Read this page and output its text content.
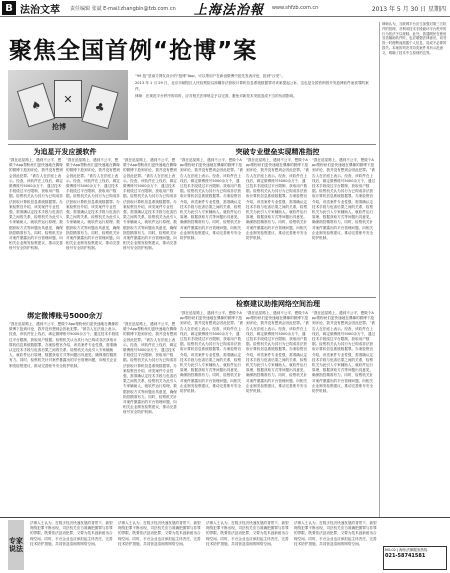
B 法治文萃 责任编辑 张斌 E-mail:zhangbin@fzb.com.cn 上海法治報 www.shfzb.com.cn	2013 年 5 月 30 日 星期四
聚焦全国首例“抢博”案
♠	✕
♣
抢博

“99 抢”是南方网友设计的“抢博”App，可以帮用户在新浪微博中抢先发表评论，抢到“沙发”。

2013 年 1 月 29 日，北京市朝阳区人民检察院以涉嫌非法获取计算机信息系统数据罪对该案提起公诉，这也是全国首例因开发抢博软件而获罪的案件。

律师：在规范平台秩序的同时，应对相关法律规定予以完善，避免对新技术发展造成不当的负面影响。

律师认为，互联网平台应当加强对第三方软件的管理，对利用技术手段破坏平台秩序的行为依法予以规制。此外，普通网民在使用各类辅助软件时，也应增强法律意识，切勿因一时便利而泄露个人信息，造成不必要的损失。本案的判决对同类案件具有示范意义，明确了技术中立原则的边界。
为追星开发应援软件	突破专业壁垒实现精准指控
“我在追星路上，遇到不公平，想做个App帮粉丝们更快速地在偶像的微博下抢到评论，我并没有想到会因此犯罪。”被告人在法庭上表示。经查，该软件在上线后，绑定微博账号5000余万个，通过技术手段绕过平台限制，获取用户数据。检察机关认为其行为已构成非法获取计算机信息系统数据罪。办案检察官介绍，该类案件专业性强，需准确认定技术手段与危害后果之间的关系，检察机关为此引入专家辅助人，就软件运行原理、数据获取方式等问题出具意见，确保指控精准有力。同时，检察机关针对案件暴露出的平台管理问题，向相关企业制发检察建议，推动完善账号安全防护机制。
“我在追星路上，遇到不公平，想做个App帮粉丝们更快速地在偶像的微博下抢到评论，我并没有想到会因此犯罪。”被告人在法庭上表示。经查，该软件在上线后，绑定微博账号5000余万个，通过技术手段绕过平台限制，获取用户数据。检察机关认为其行为已构成非法获取计算机信息系统数据罪。办案检察官介绍，该类案件专业性强，需准确认定技术手段与危害后果之间的关系，检察机关为此引入专家辅助人，就软件运行原理、数据获取方式等问题出具意见，确保指控精准有力。同时，检察机关针对案件暴露出的平台管理问题，向相关企业制发检察建议，推动完善账号安全防护机制。
“我在追星路上，遇到不公平，想做个App帮粉丝们更快速地在偶像的微博下抢到评论，我并没有想到会因此犯罪。”被告人在法庭上表示。经查，该软件在上线后，绑定微博账号5000余万个，通过技术手段绕过平台限制，获取用户数据。检察机关认为其行为已构成非法获取计算机信息系统数据罪。办案检察官介绍，该类案件专业性强，需准确认定技术手段与危害后果之间的关系，检察机关为此引入专家辅助人，就软件运行原理、数据获取方式等问题出具意见，确保指控精准有力。同时，检察机关针对案件暴露出的平台管理问题，向相关企业制发检察建议，推动完善账号安全防护机制。
“我在追星路上，遇到不公平，想做个App帮粉丝们更快速地在偶像的微博下抢到评论，我并没有想到会因此犯罪。”被告人在法庭上表示。经查，该软件在上线后，绑定微博账号5000余万个，通过技术手段绕过平台限制，获取用户数据。检察机关认为其行为已构成非法获取计算机信息系统数据罪。办案检察官介绍，该类案件专业性强，需准确认定技术手段与危害后果之间的关系，检察机关为此引入专家辅助人，就软件运行原理、数据获取方式等问题出具意见，确保指控精准有力。同时，检察机关针对案件暴露出的平台管理问题，向相关企业制发检察建议，推动完善账号安全防护机制。
“我在追星路上，遇到不公平，想做个App帮粉丝们更快速地在偶像的微博下抢到评论，我并没有想到会因此犯罪。”被告人在法庭上表示。经查，该软件在上线后，绑定微博账号5000余万个，通过技术手段绕过平台限制，获取用户数据。检察机关认为其行为已构成非法获取计算机信息系统数据罪。办案检察官介绍，该类案件专业性强，需准确认定技术手段与危害后果之间的关系，检察机关为此引入专家辅助人，就软件运行原理、数据获取方式等问题出具意见，确保指控精准有力。同时，检察机关针对案件暴露出的平台管理问题，向相关企业制发检察建议，推动完善账号安全防护机制。
“我在追星路上，遇到不公平，想做个App帮粉丝们更快速地在偶像的微博下抢到评论，我并没有想到会因此犯罪。”被告人在法庭上表示。经查，该软件在上线后，绑定微博账号5000余万个，通过技术手段绕过平台限制，获取用户数据。检察机关认为其行为已构成非法获取计算机信息系统数据罪。办案检察官介绍，该类案件专业性强，需准确认定技术手段与危害后果之间的关系，检察机关为此引入专家辅助人，就软件运行原理、数据获取方式等问题出具意见，确保指控精准有力。同时，检察机关针对案件暴露出的平台管理问题，向相关企业制发检察建议，推动完善账号安全防护机制。
绑定微博账号5000余万
“我在追星路上，遇到不公平，想做个App帮粉丝们更快速地在偶像的微博下抢到评论，我并没有想到会因此犯罪。”被告人在法庭上表示。经查，该软件在上线后，绑定微博账号5000余万个，通过技术手段绕过平台限制，获取用户数据。检察机关认为其行为已构成非法获取计算机信息系统数据罪。办案检察官介绍，该类案件专业性强，需准确认定技术手段与危害后果之间的关系，检察机关为此引入专家辅助人，就软件运行原理、数据获取方式等问题出具意见，确保指控精准有力。同时，检察机关针对案件暴露出的平台管理问题，向相关企业制发检察建议，推动完善账号安全防护机制。
“我在追星路上，遇到不公平，想做个App帮粉丝们更快速地在偶像的微博下抢到评论，我并没有想到会因此犯罪。”被告人在法庭上表示。经查，该软件在上线后，绑定微博账号5000余万个，通过技术手段绕过平台限制，获取用户数据。检察机关认为其行为已构成非法获取计算机信息系统数据罪。办案检察官介绍，该类案件专业性强，需准确认定技术手段与危害后果之间的关系，检察机关为此引入专家辅助人，就软件运行原理、数据获取方式等问题出具意见，确保指控精准有力。同时，检察机关针对案件暴露出的平台管理问题，向相关企业制发检察建议，推动完善账号安全防护机制。
检察建议助推网络空间治理
“我在追星路上，遇到不公平，想做个App帮粉丝们更快速地在偶像的微博下抢到评论，我并没有想到会因此犯罪。”被告人在法庭上表示。经查，该软件在上线后，绑定微博账号5000余万个，通过技术手段绕过平台限制，获取用户数据。检察机关认为其行为已构成非法获取计算机信息系统数据罪。办案检察官介绍，该类案件专业性强，需准确认定技术手段与危害后果之间的关系，检察机关为此引入专家辅助人，就软件运行原理、数据获取方式等问题出具意见，确保指控精准有力。同时，检察机关针对案件暴露出的平台管理问题，向相关企业制发检察建议，推动完善账号安全防护机制。
“我在追星路上，遇到不公平，想做个App帮粉丝们更快速地在偶像的微博下抢到评论，我并没有想到会因此犯罪。”被告人在法庭上表示。经查，该软件在上线后，绑定微博账号5000余万个，通过技术手段绕过平台限制，获取用户数据。检察机关认为其行为已构成非法获取计算机信息系统数据罪。办案检察官介绍，该类案件专业性强，需准确认定技术手段与危害后果之间的关系，检察机关为此引入专家辅助人，就软件运行原理、数据获取方式等问题出具意见，确保指控精准有力。同时，检察机关针对案件暴露出的平台管理问题，向相关企业制发检察建议，推动完善账号安全防护机制。
“我在追星路上，遇到不公平，想做个App帮粉丝们更快速地在偶像的微博下抢到评论，我并没有想到会因此犯罪。”被告人在法庭上表示。经查，该软件在上线后，绑定微博账号5000余万个，通过技术手段绕过平台限制，获取用户数据。检察机关认为其行为已构成非法获取计算机信息系统数据罪。办案检察官介绍，该类案件专业性强，需准确认定技术手段与危害后果之间的关系，检察机关为此引入专家辅助人，就软件运行原理、数据获取方式等问题出具意见，确保指控精准有力。同时，检察机关针对案件暴露出的平台管理问题，向相关企业制发检察建议，推动完善账号安全防护机制。
专家
说法
法律人士认为，在数字经济快速发展的背景下，新型网络犯罪不断出现，司法机关应当准确把握罪与非罪的界限，既要依法惩治犯罪，又要为技术创新留出合理空间。同时，平台企业也应承担起主体责任，完善技术防护措施，共同营造清朗的网络空间。
法律人士认为，在数字经济快速发展的背景下，新型网络犯罪不断出现，司法机关应当准确把握罪与非罪的界限，既要依法惩治犯罪，又要为技术创新留出合理空间。同时，平台企业也应承担起主体责任，完善技术防护措施，共同营造清朗的网络空间。
法律人士认为，在数字经济快速发展的背景下，新型网络犯罪不断出现，司法机关应当准确把握罪与非罪的界限，既要依法惩治犯罪，又要为技术创新留出合理空间。同时，平台企业也应承担起主体责任，完善技术防护措施，共同营造清朗的网络空间。
法律人士认为，在数字经济快速发展的背景下，新型网络犯罪不断出现，司法机关应当准确把握罪与非罪的界限，既要依法惩治犯罪，又要为技术创新留出合理空间。同时，平台企业也应承担起主体责任，完善技术防护措施，共同营造清朗的网络空间。
NO.02 | 海东法律服务热线
021-58741581
